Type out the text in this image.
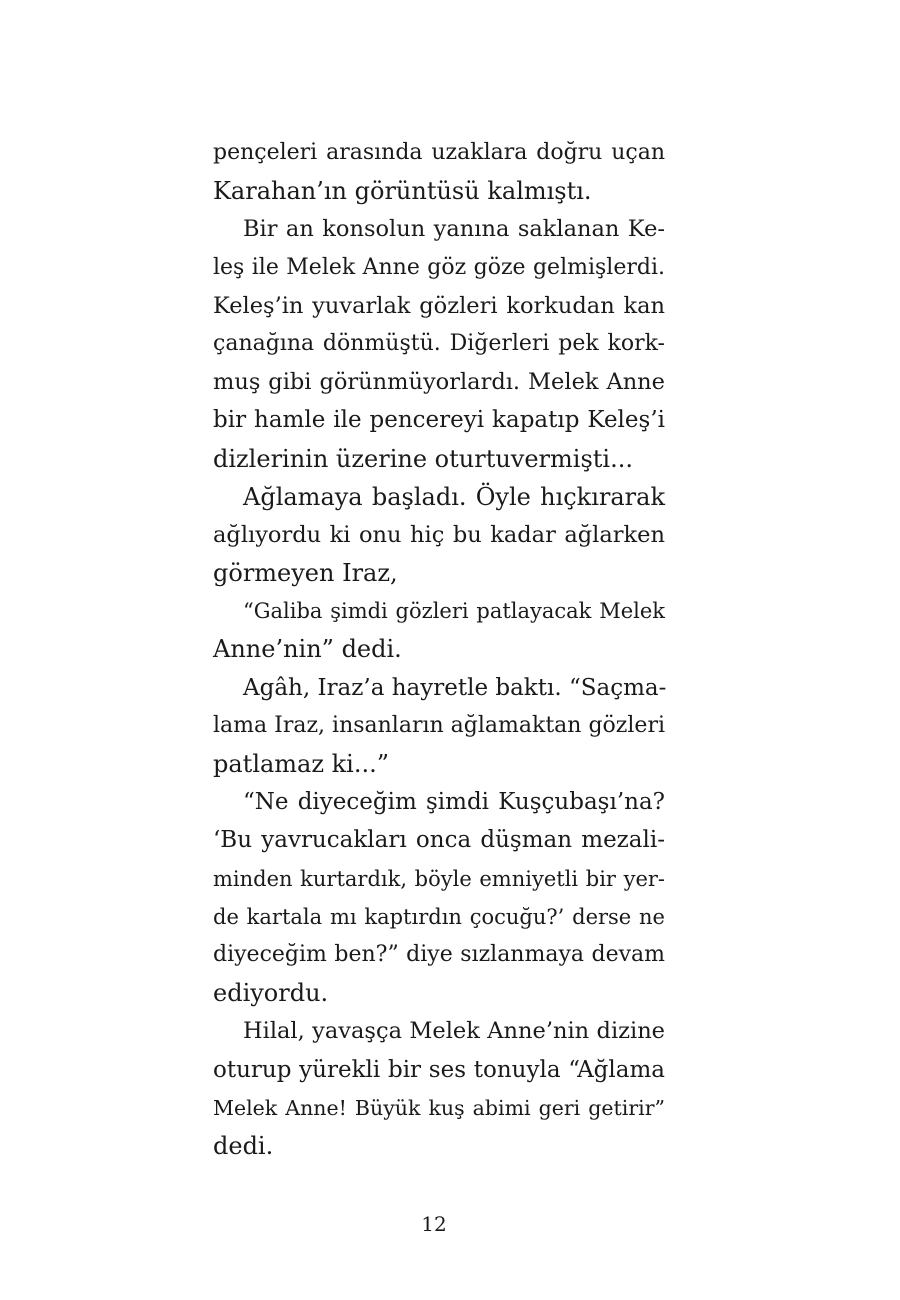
pençeleri arasında uzaklara doğru uçan
Karahan’ın görüntüsü kalmıştı.
Bir an konsolun yanına saklanan Ke-
leş ile Melek Anne göz göze gelmişlerdi.
Keleş’in yuvarlak gözleri korkudan kan
çanağına dönmüştü. Diğerleri pek kork-
muş gibi görünmüyorlardı. Melek Anne
bir hamle ile pencereyi kapatıp Keleş’i
dizlerinin üzerine oturtuvermişti...
Ağlamaya başladı. Öyle hıçkırarak
ağlıyordu ki onu hiç bu kadar ağlarken
görmeyen Iraz,
“Galiba şimdi gözleri patlayacak Melek
Anne’nin” dedi.
Agâh, Iraz’a hayretle baktı. “Saçma-
lama Iraz, insanların ağlamaktan gözleri
patlamaz ki...”
“Ne diyeceğim şimdi Kuşçubaşı’na?
‘Bu yavrucakları onca düşman mezali-
minden kurtardık, böyle emniyetli bir yer-
de kartala mı kaptırdın çocuğu?’ derse ne
diyeceğim ben?” diye sızlanmaya devam
ediyordu.
Hilal, yavaşça Melek Anne’nin dizine
oturup yürekli bir ses tonuyla “Ağlama
Melek Anne! Büyük kuş abimi geri getirir”
dedi.
12
